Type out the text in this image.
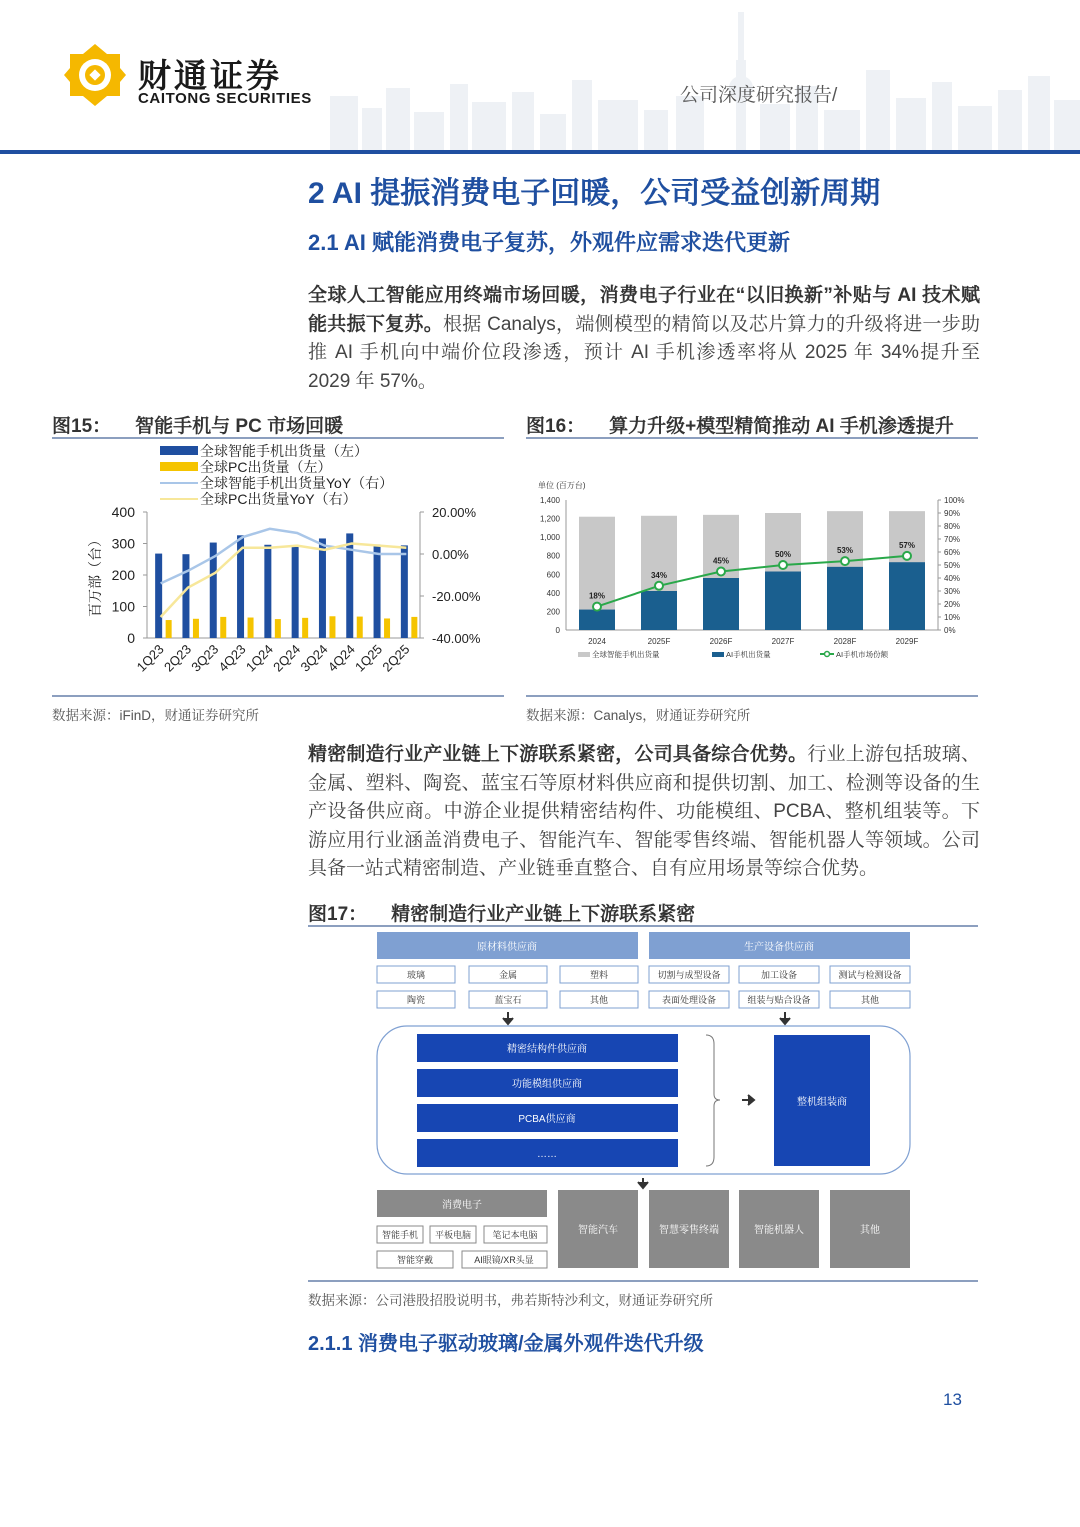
财通证券
CAITONG SECURITIES	公司深度研究报告/
2 AI 提振消费电子回暖，公司受益创新周期
2.1 AI 赋能消费电子复苏，外观件应需求迭代更新
全球人工智能应用终端市场回暖，消费电子行业在“以旧换新”补贴与 AI 技术赋能共振下复苏。根据 Canalys，端侧模型的精简以及芯片算力的升级将进一步助推 AI 手机向中端价位段渗透，预计 AI 手机渗透率将从 2025 年 34%提升至 2029 年 57%。
图15： 智能手机与 PC 市场回暖
全球智能手机出货量（左）
全球PC出货量（左）
全球智能手机出货量YoY（右）
全球PC出货量YoY（右）
400
300
200
100
0
20.00%
0.00%
-20.00%
-40.00%
百万部（台）
1Q23
2Q23
3Q23
4Q23
1Q24
2Q24
3Q24
4Q24
1Q25
2Q25
数据来源：iFinD，财通证券研究所
图16： 算力升级+模型精简推动 AI 手机渗透提升
单位 (百万台)
1,400
1,200
1,000
800
600
400
200
0
100%
90%
80%
70%
60%
50%
40%
30%
20%
10%
0%
2024	2025F	2026F	2027F	2028F	2029F
18%
34%
45%
50%	53%
57%
全球智能手机出货量	AI手机出货量	AI手机市场份额
数据来源：Canalys，财通证券研究所
精密制造行业产业链上下游联系紧密，公司具备综合优势。行业上游包括玻璃、金属、塑料、陶瓷、蓝宝石等原材料供应商和提供切割、加工、检测等设备的生产设备供应商。中游企业提供精密结构件、功能模组、PCBA、整机组装等。下游应用行业涵盖消费电子、智能汽车、智能零售终端、智能机器人等领域。公司具备一站式精密制造、产业链垂直整合、自有应用场景等综合优势。
图17： 精密制造行业产业链上下游联系紧密
原材料供应商
玻璃	金属	塑料
陶瓷	蓝宝石	其他
生产设备供应商
切割与成型设备	加工设备	测试与检测设备
表面处理设备	组装与贴合设备	其他
精密结构件供应商
功能模组供应商
PCBA供应商
……
整机组装商
消费电子
智能手机 平板电脑 笔记本电脑
智能穿戴	AI眼镜/XR头显
智能汽车	智慧零售终端	智能机器人	其他
数据来源：公司港股招股说明书，弗若斯特沙利文，财通证券研究所
2.1.1 消费电子驱动玻璃/金属外观件迭代升级
13
